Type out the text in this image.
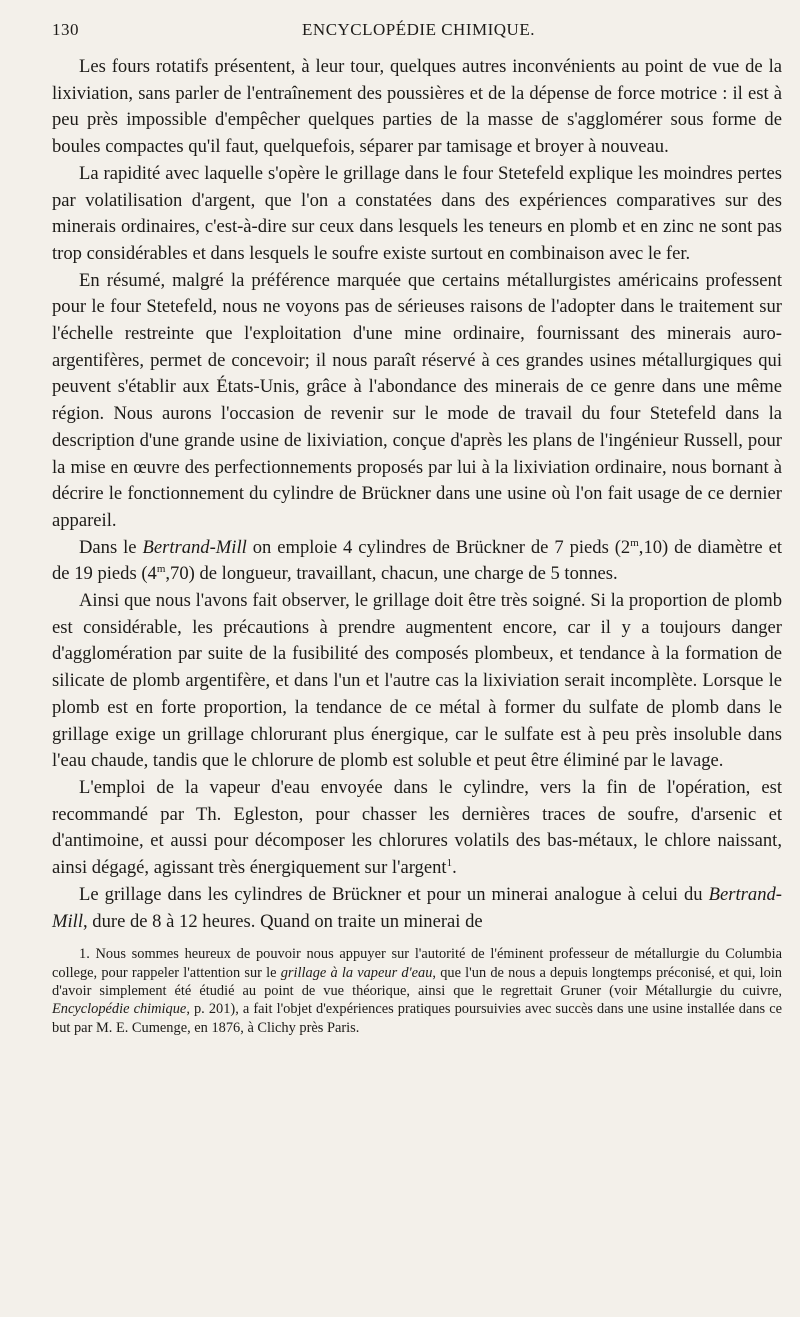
130	ENCYCLOPÉDIE CHIMIQUE.

Les fours rotatifs présentent, à leur tour, quelques autres inconvénients au point de vue de la lixiviation, sans parler de l'entraînement des poussières et de la dépense de force motrice : il est à peu près impossible d'empêcher quelques parties de la masse de s'agglomérer sous forme de boules compactes qu'il faut, quelquefois, séparer par tamisage et broyer à nouveau.

La rapidité avec laquelle s'opère le grillage dans le four Stetefeld explique les moindres pertes par volatilisation d'argent, que l'on a constatées dans des expériences comparatives sur des minerais ordinaires, c'est-à-dire sur ceux dans lesquels les teneurs en plomb et en zinc ne sont pas trop considérables et dans lesquels le soufre existe surtout en combinaison avec le fer.

En résumé, malgré la préférence marquée que certains métallurgistes américains professent pour le four Stetefeld, nous ne voyons pas de sérieuses raisons de l'adopter dans le traitement sur l'échelle restreinte que l'exploitation d'une mine ordinaire, fournissant des minerais auro-argentifères, permet de concevoir; il nous paraît réservé à ces grandes usines métallurgiques qui peuvent s'établir aux États-Unis, grâce à l'abondance des minerais de ce genre dans une même région. Nous aurons l'occasion de revenir sur le mode de travail du four Stetefeld dans la description d'une grande usine de lixiviation, conçue d'après les plans de l'ingénieur Russell, pour la mise en œuvre des perfectionnements proposés par lui à la lixiviation ordinaire, nous bornant à décrire le fonctionnement du cylindre de Brückner dans une usine où l'on fait usage de ce dernier appareil.

Dans le Bertrand-Mill on emploie 4 cylindres de Brückner de 7 pieds (2$^m$,10) de diamètre et de 19 pieds (4$^m$,70) de longueur, travaillant, chacun, une charge de 5 tonnes.

Ainsi que nous l'avons fait observer, le grillage doit être très soigné. Si la proportion de plomb est considérable, les précautions à prendre augmentent encore, car il y a toujours danger d'agglomération par suite de la fusibilité des composés plombeux, et tendance à la formation de silicate de plomb argentifère, et dans l'un et l'autre cas la lixiviation serait incomplète. Lorsque le plomb est en forte proportion, la tendance de ce métal à former du sulfate de plomb dans le grillage exige un grillage chlorurant plus énergique, car le sulfate est à peu près insoluble dans l'eau chaude, tandis que le chlorure de plomb est soluble et peut être éliminé par le lavage.

L'emploi de la vapeur d'eau envoyée dans le cylindre, vers la fin de l'opération, est recommandé par Th. Egleston, pour chasser les dernières traces de soufre, d'arsenic et d'antimoine, et aussi pour décomposer les chlorures volatils des bas-métaux, le chlore naissant, ainsi dégagé, agissant très énergiquement sur l'argent$^1$.

Le grillage dans les cylindres de Brückner et pour un minerai analogue à celui du Bertrand-Mill, dure de 8 à 12 heures. Quand on traite un minerai de

1. Nous sommes heureux de pouvoir nous appuyer sur l'autorité de l'éminent professeur de métallurgie du Columbia college, pour rappeler l'attention sur le grillage à la vapeur d'eau, que l'un de nous a depuis longtemps préconisé, et qui, loin d'avoir simplement été étudié au point de vue théorique, ainsi que le regrettait Gruner (voir Métallurgie du cuivre, Encyclopédie chimique, p. 201), a fait l'objet d'expériences pratiques poursuivies avec succès dans une usine installée dans ce but par M. E. Cumenge, en 1876, à Clichy près Paris.
